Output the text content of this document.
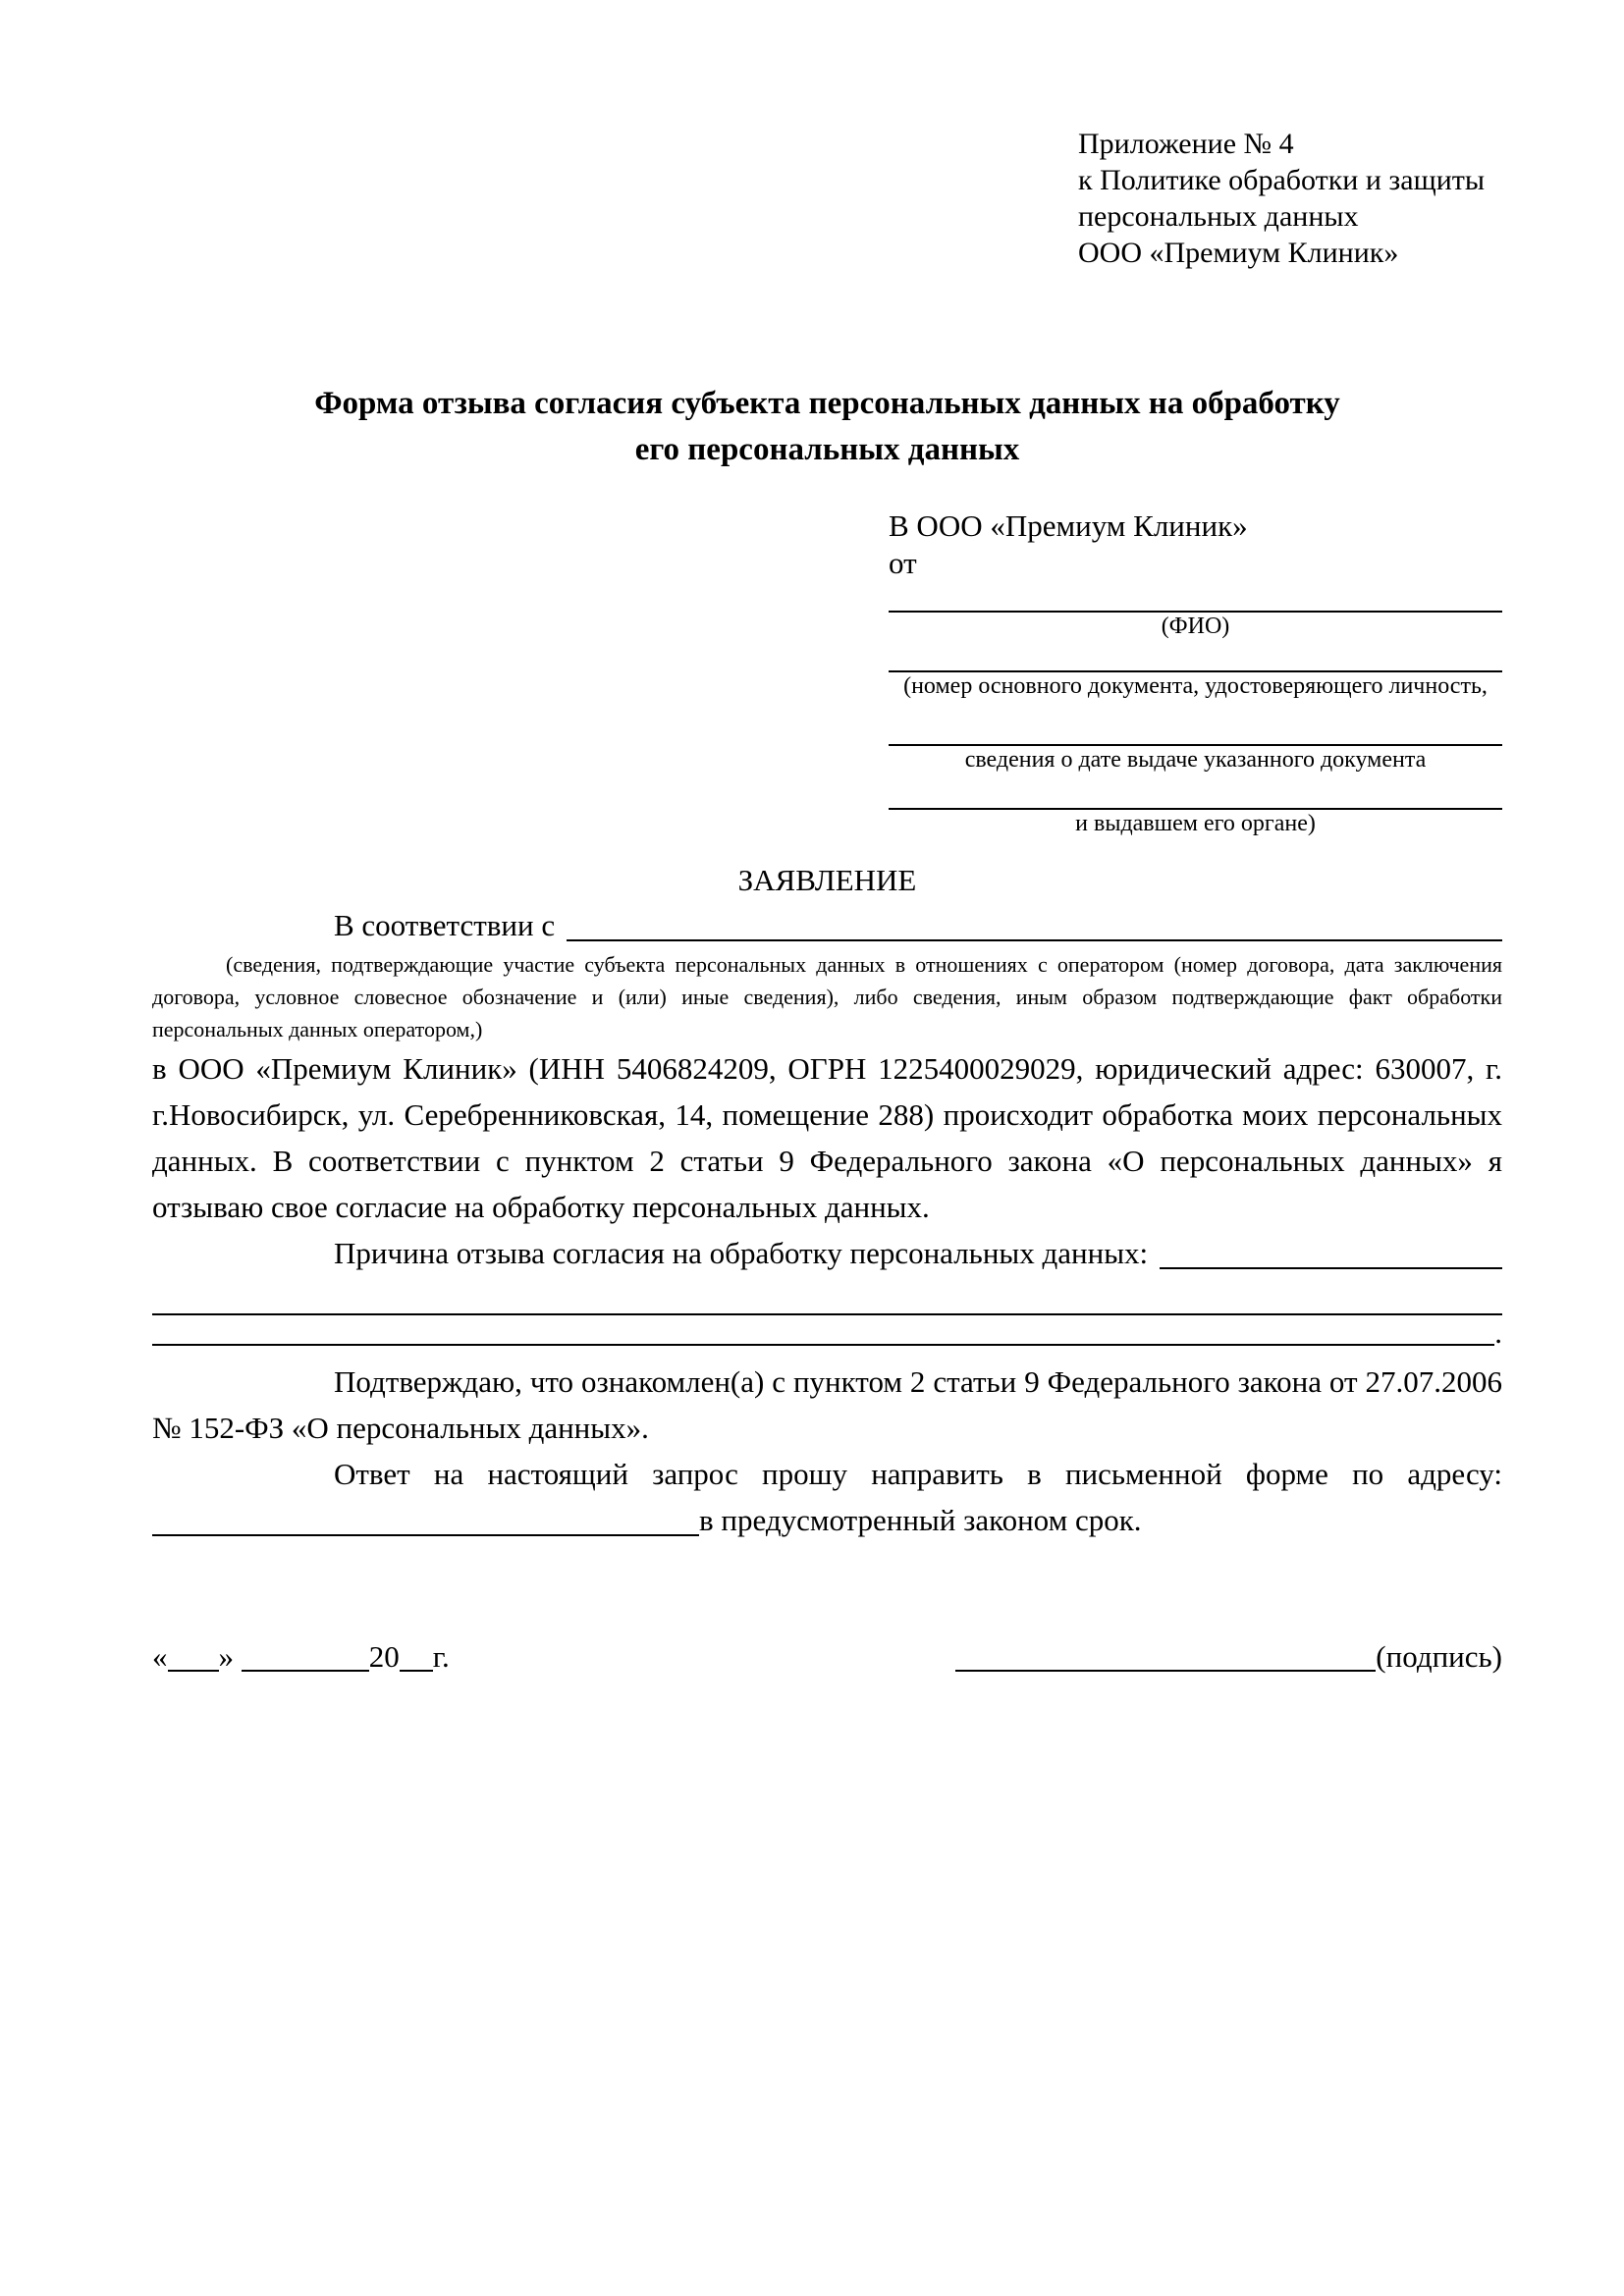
Приложение № 4
к Политике обработки и защиты
персональных данных
ООО «Премиум Клиник»
Форма отзыва согласия субъекта персональных данных на обработку
его персональных данных
В ООО «Премиум Клиник»
от
(ФИО)
(номер основного документа, удостоверяющего личность,
сведения о дате выдаче указанного документа
и выдавшем его органе)
ЗАЯВЛЕНИЕ
В соответствии с
(сведения, подтверждающие участие субъекта персональных данных в отношениях с оператором (номер договора, дата заключения договора, условное словесное обозначение и (или) иные сведения), либо сведения, иным образом подтверждающие факт обработки персональных данных оператором,)
в ООО «Премиум Клиник» (ИНН 5406824209, ОГРН 1225400029029, юридический адрес: 630007, г. г.Новосибирск, ул. Серебренниковская, 14, помещение 288) происходит обработка моих персональных данных. В соответствии с пунктом 2 статьи 9 Федерального закона «О персональных данных» я отзываю свое согласие на обработку персональных данных.
Причина отзыва согласия на обработку персональных данных:
.
Подтверждаю, что ознакомлен(а) с пунктом 2 статьи 9 Федерального закона от 27.07.2006 № 152-ФЗ «О персональных данных».
Ответ на настоящий запрос прошу направить в письменной форме по адресу:
в предусмотренный законом срок.
« »	20 г.	(подпись)
